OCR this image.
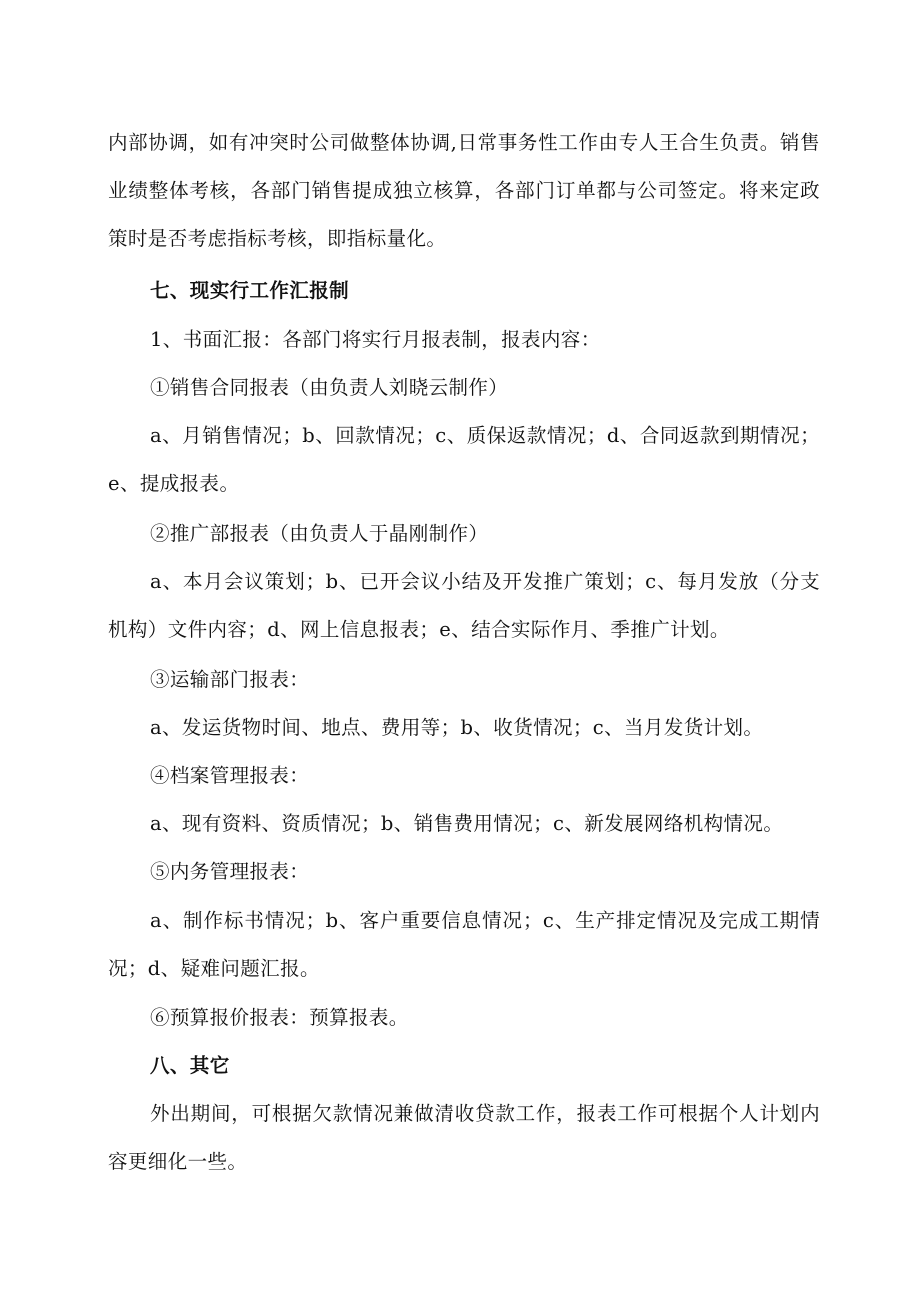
内部协调，如有冲突时公司做整体协调,日常事务性工作由专人王合生负责。销售业绩整体考核，各部门销售提成独立核算，各部门订单都与公司签定。将来定政策时是否考虑指标考核，即指标量化。

七、现实行工作汇报制

1、书面汇报：各部门将实行月报表制，报表内容：

①销售合同报表（由负责人刘晓云制作）

a、月销售情况；b、回款情况；c、质保返款情况；d、合同返款到期情况；e、提成报表。

②推广部报表（由负责人于晶刚制作）

a、本月会议策划；b、已开会议小结及开发推广策划；c、每月发放（分支机构）文件内容；d、网上信息报表；e、结合实际作月、季推广计划。

③运输部门报表：

a、发运货物时间、地点、费用等；b、收货情况；c、当月发货计划。

④档案管理报表：

a、现有资料、资质情况；b、销售费用情况；c、新发展网络机构情况。

⑤内务管理报表：

a、制作标书情况；b、客户重要信息情况；c、生产排定情况及完成工期情况；d、疑难问题汇报。

⑥预算报价报表：预算报表。

八、其它

外出期间，可根据欠款情况兼做清收贷款工作，报表工作可根据个人计划内容更细化一些。
